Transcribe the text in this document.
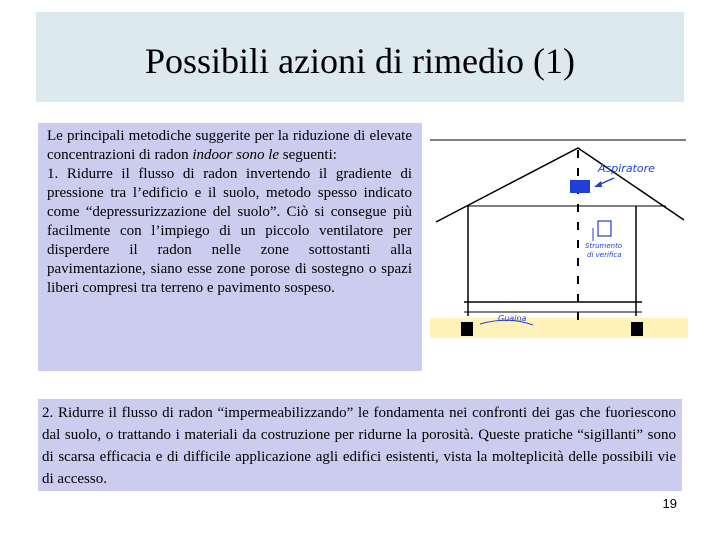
Possibili azioni di rimedio (1)

Le principali metodiche suggerite per la riduzione di elevate concentrazioni di radon indoor sono le seguenti:

1. Ridurre il flusso di radon invertendo il gradiente di pressione tra l’edificio e il suolo, metodo spesso indicato come “depressurizzazione del suolo”. Ciò si consegue più facilmente con l’impiego di un piccolo ventilatore per disperdere il radon nelle zone sottostanti alla pavimentazione, siano esse zone porose di sostegno o spazi liberi compresi tra terreno e pavimento sospeso.

Aspiratore
Strumento
di verifica
Guaina

2. Ridurre il flusso di radon “impermeabilizzando” le fondamenta nei confronti dei gas che fuoriescono dal suolo, o trattando i materiali da costruzione per ridurne la porosità. Queste pratiche “sigillanti” sono di scarsa efficacia e di difficile applicazione agli edifici esistenti, vista la molteplicità delle possibili vie di accesso.

19
